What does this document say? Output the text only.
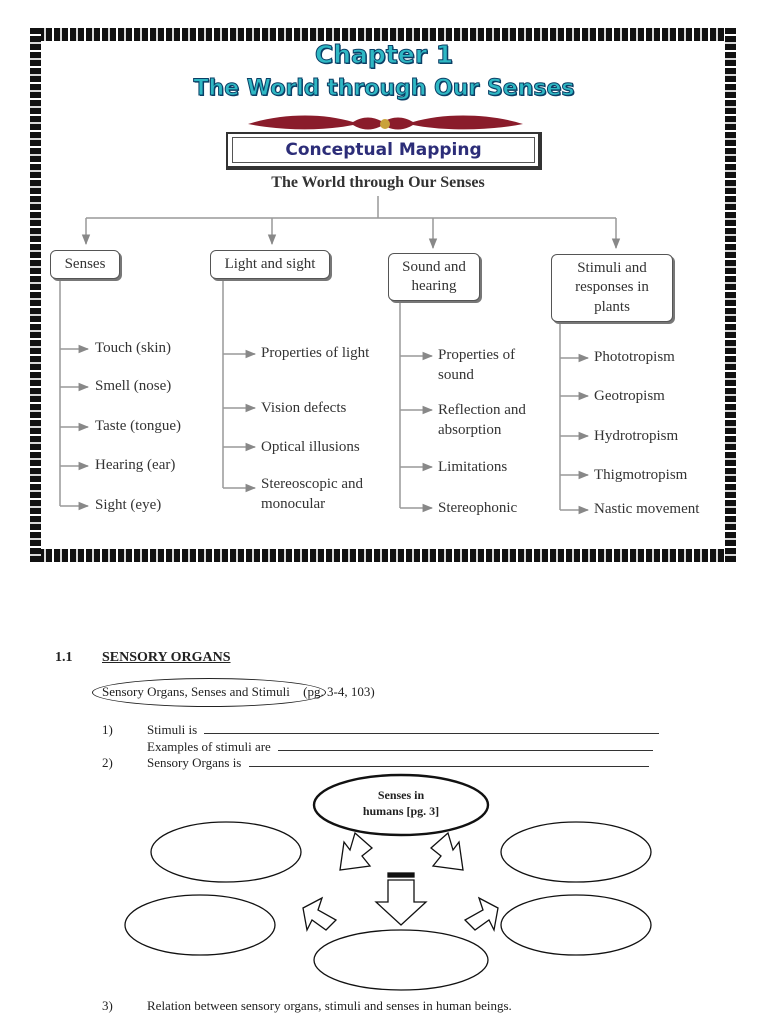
Chapter 1
The World through Our Senses
Conceptual Mapping
The World through Our Senses
Senses	Light and sight	Sound and hearing
Stimuli and responses in plants
Touch (skin)
Smell (nose)
Taste (tongue)
Hearing (ear)
Sight (eye)
Properties of light
Vision defects
Optical illusions
Stereoscopic and monocular
Properties of sound
Reflection and absorption
Limitations
Stereophonic
Phototropism
Geotropism
Hydrotropism
Thigmotropism
Nastic movement
1.1 SENSORY ORGANS
Sensory Organs, Senses and Stimuli (pg. 3-4, 103)
1)	Stimuli is
Examples of stimuli are
2)	Sensory Organs is
Senses in humans [pg. 3]
3)	Relation between sensory organs, stimuli and senses in human beings.
